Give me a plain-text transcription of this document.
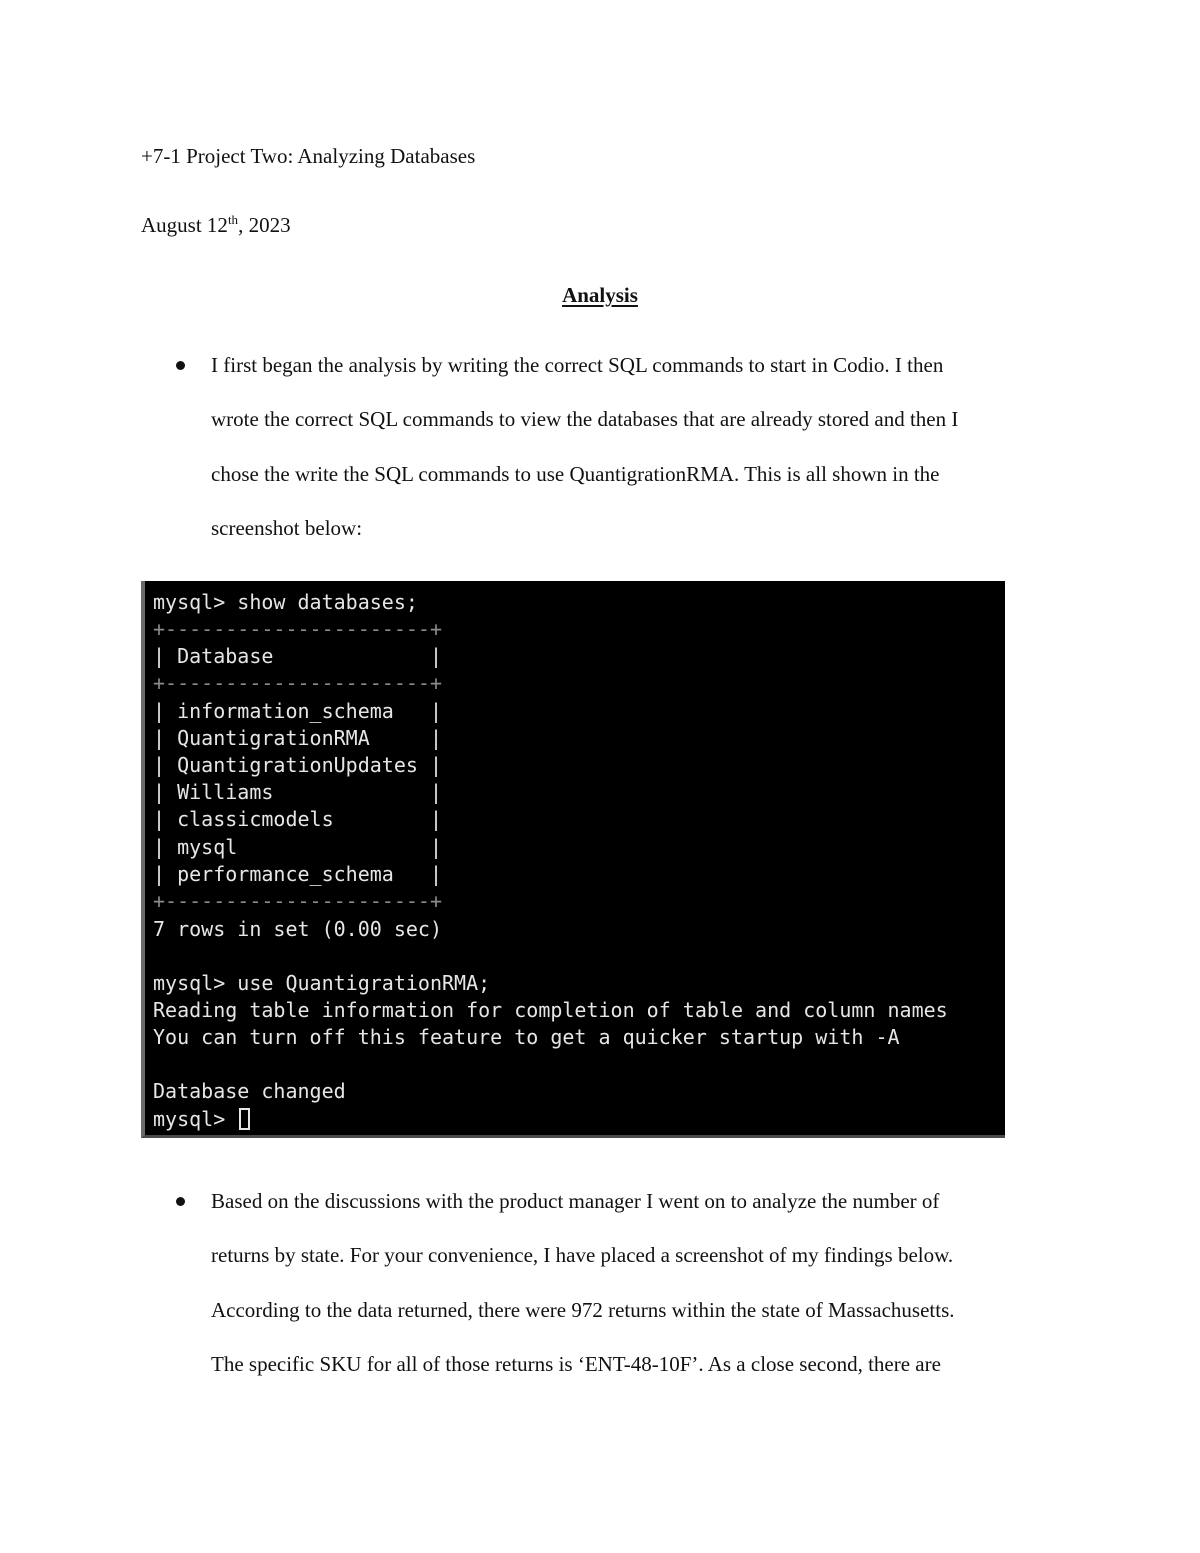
+7-1 Project Two: Analyzing Databases
August 12th, 2023
Analysis
I first began the analysis by writing the correct SQL commands to start in Codio. I then
wrote the correct SQL commands to view the databases that are already stored and then I
chose the write the SQL commands to use QuantigrationRMA. This is all shown in the
screenshot below:
mysql> show databases;
+----------------------+
| Database             |
+----------------------+
| information_schema   |
| QuantigrationRMA     |
| QuantigrationUpdates |
| Williams             |
| classicmodels        |
| mysql                |
| performance_schema   |
+----------------------+
7 rows in set (0.00 sec)
mysql> use QuantigrationRMA;
Reading table information for completion of table and column names
You can turn off this feature to get a quicker startup with -A
Database changed
mysql>
Based on the discussions with the product manager I went on to analyze the number of
returns by state. For your convenience, I have placed a screenshot of my findings below.
According to the data returned, there were 972 returns within the state of Massachusetts.
The specific SKU for all of those returns is ‘ENT-48-10F’. As a close second, there are
